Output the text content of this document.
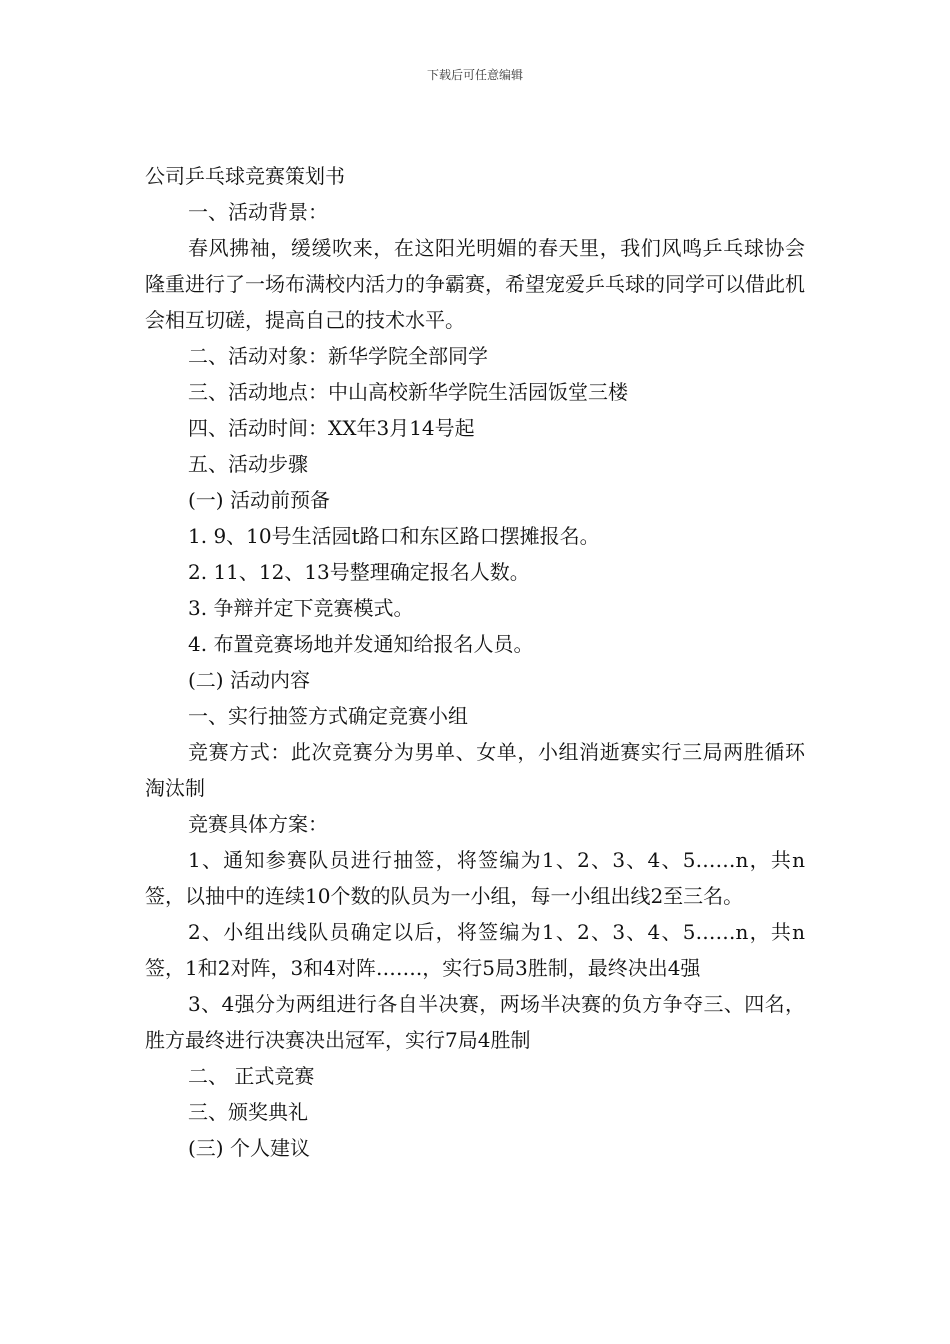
下载后可任意编辑

公司乒乓球竞赛策划书

一、活动背景：

春风拂袖，缓缓吹来，在这阳光明媚的春天里，我们风鸣乒乓球协会隆重进行了一场布满校内活力的争霸赛，希望宠爱乒乓球的同学可以借此机会相互切磋，提高自己的技术水平。

二、活动对象：新华学院全部同学

三、活动地点：中山高校新华学院生活园饭堂三楼

四、活动时间：XX年3月14号起

五、活动步骤

(一) 活动前预备

1. 9、10号生活园t路口和东区路口摆摊报名。

2. 11、12、13号整理确定报名人数。

3. 争辩并定下竞赛模式。

4. 布置竞赛场地并发通知给报名人员。

(二) 活动内容

一、实行抽签方式确定竞赛小组

竞赛方式：此次竞赛分为男单、女单，小组消逝赛实行三局两胜循环淘汰制

竞赛具体方案：

1、通知参赛队员进行抽签，将签编为1、2、3、4、5……n，共n签，以抽中的连续10个数的队员为一小组，每一小组出线2至三名。

2、小组出线队员确定以后，将签编为1、2、3、4、5……n，共n签，1和2对阵，3和4对阵…….，实行5局3胜制，最终决出4强

3、4强分为两组进行各自半决赛，两场半决赛的负方争夺三、四名，胜方最终进行决赛决出冠军，实行7局4胜制

二、 正式竞赛

三、颁奖典礼

(三) 个人建议
